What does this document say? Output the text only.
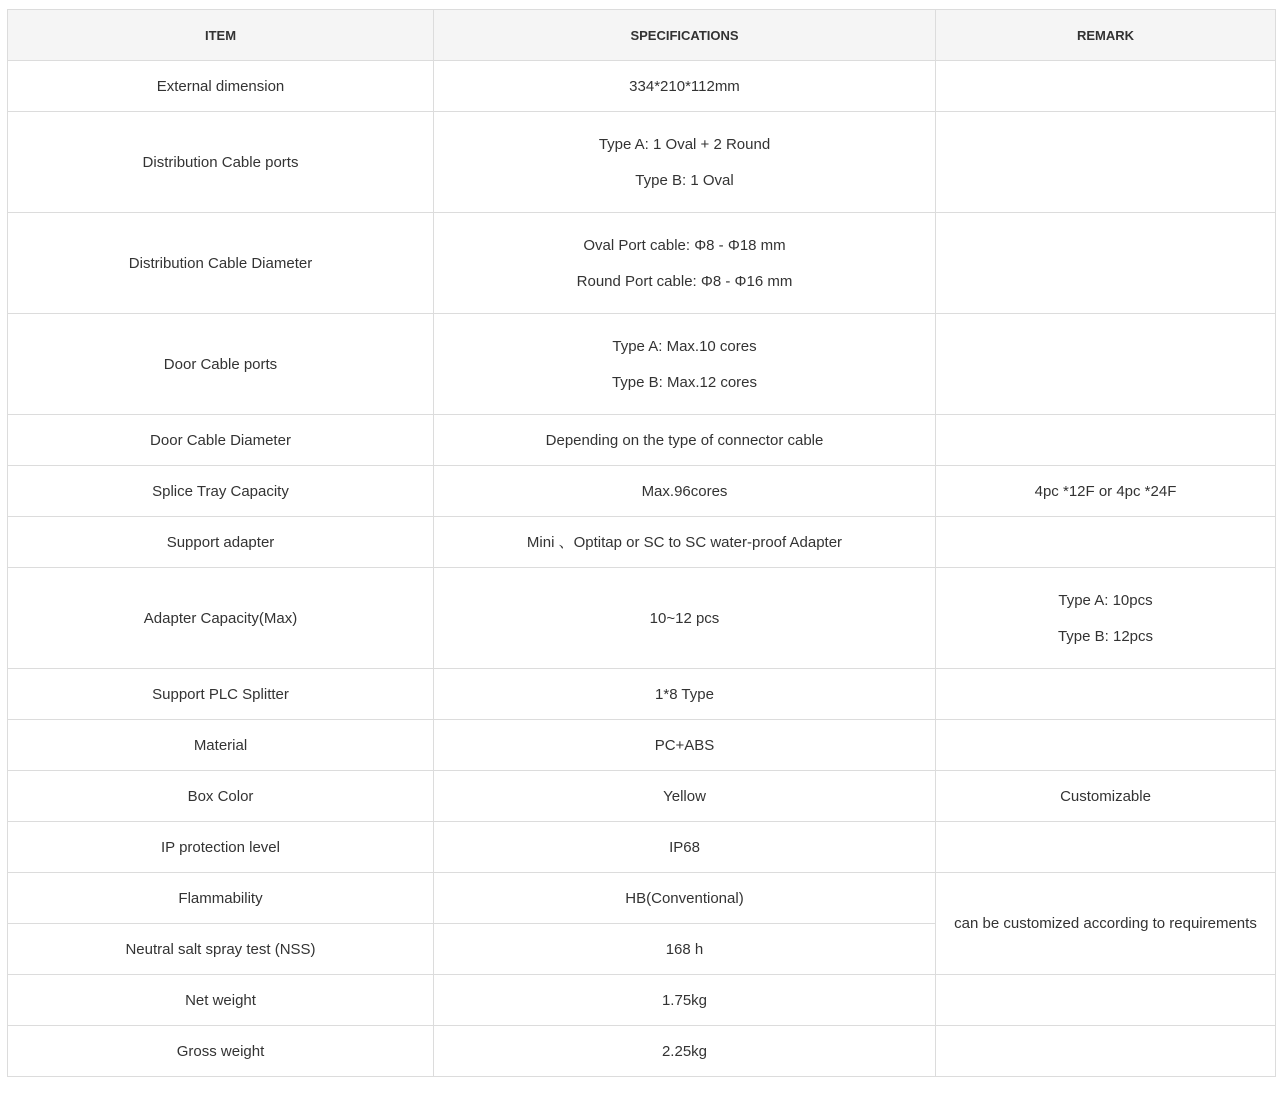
ITEM	SPECIFICATIONS	REMARK
External dimension	334*210*112mm	

Distribution Cable ports	Type A: 1 Oval + 2 Round
Type B: 1 Oval	

Distribution Cable Diameter	Oval Port cable: Φ8 - Φ18 mm
Round Port cable: Φ8 - Φ16 mm	

Door Cable ports	Type A: Max.10 cores
Type B: Max.12 cores	

Door Cable Diameter	Depending on the type of connector cable	

Splice Tray Capacity	Max.96cores	4pc *12F or 4pc *24F

Support adapter	Mini 、Optitap or SC to SC water-proof Adapter	

Adapter Capacity(Max)	10~12 pcs	Type A: 10pcs
Type B: 12pcs

Support PLC Splitter	1*8 Type	

Material	PC+ABS	

Box Color	Yellow	Customizable

IP protection level	IP68	

Flammability	HB(Conventional)	can be customized according to requirements

Neutral salt spray test (NSS)	168 h	

Net weight	1.75kg	

Gross weight	2.25kg	
